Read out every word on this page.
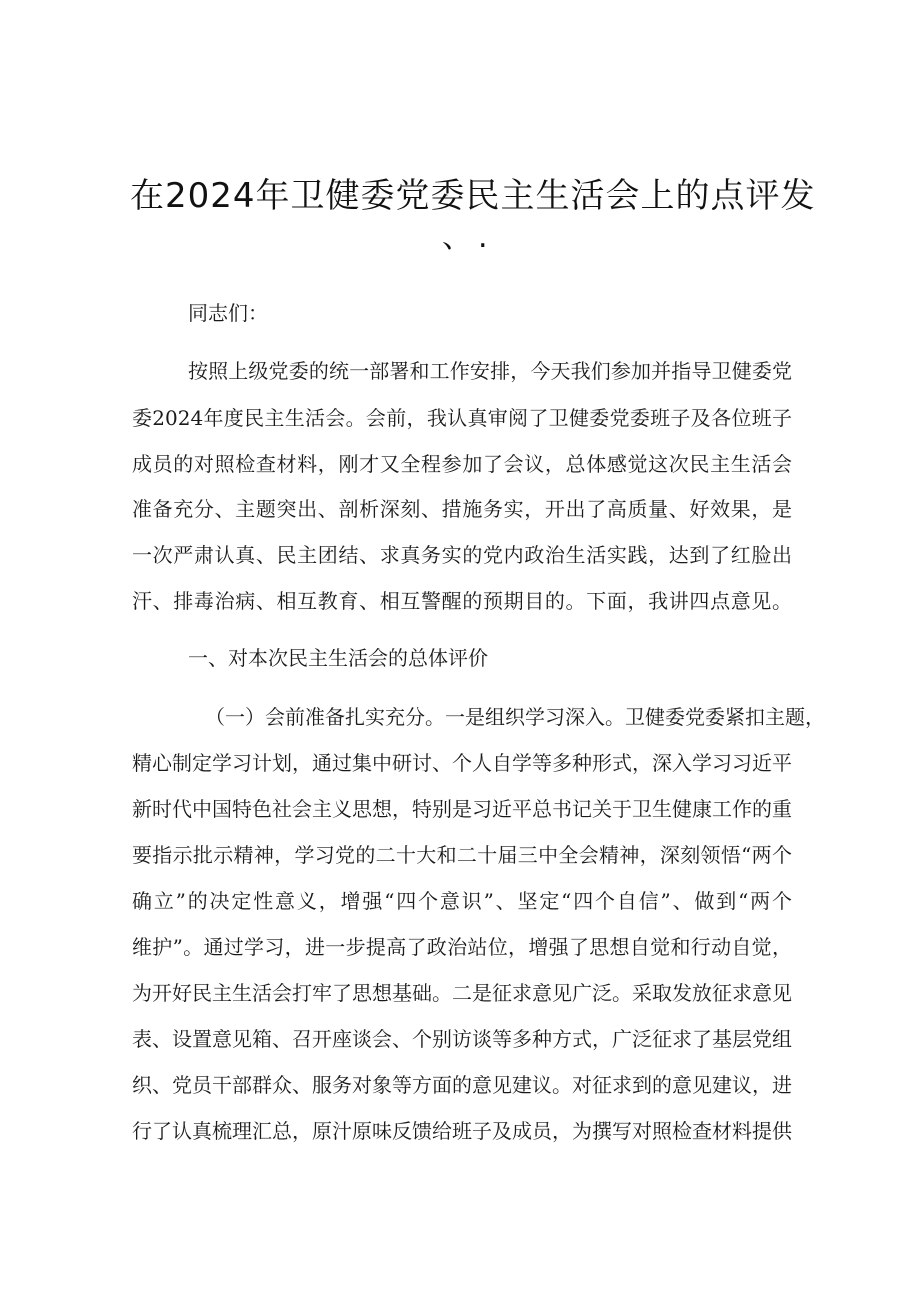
在2024年卫健委党委民主生活会上的点评发
、.
同志们：
按照上级党委的统一部署和工作安排，今天我们参加并指导卫健委党
委2024年度民主生活会。会前，我认真审阅了卫健委党委班子及各位班子
成员的对照检查材料，刚才又全程参加了会议，总体感觉这次民主生活会
准备充分、主题突出、剖析深刻、措施务实，开出了高质量、好效果，是
一次严肃认真、民主团结、求真务实的党内政治生活实践，达到了红脸出
汗、排毒治病、相互教育、相互警醒的预期目的。下面，我讲四点意见。
一、对本次民主生活会的总体评价
（一）会前准备扎实充分。一是组织学习深入。卫健委党委紧扣主题，
精心制定学习计划，通过集中研讨、个人自学等多种形式，深入学习习近平
新时代中国特色社会主义思想，特别是习近平总书记关于卫生健康工作的重
要指示批示精神，学习党的二十大和二十届三中全会精神，深刻领悟“两个
确立”的决定性意义，增强“四个意识”、坚定“四个自信”、做到“两个
维护”。通过学习，进一步提高了政治站位，增强了思想自觉和行动自觉，
为开好民主生活会打牢了思想基础。二是征求意见广泛。采取发放征求意见
表、设置意见箱、召开座谈会、个别访谈等多种方式，广泛征求了基层党组
织、党员干部群众、服务对象等方面的意见建议。对征求到的意见建议，进
行了认真梳理汇总，原汁原味反馈给班子及成员，为撰写对照检查材料提供
